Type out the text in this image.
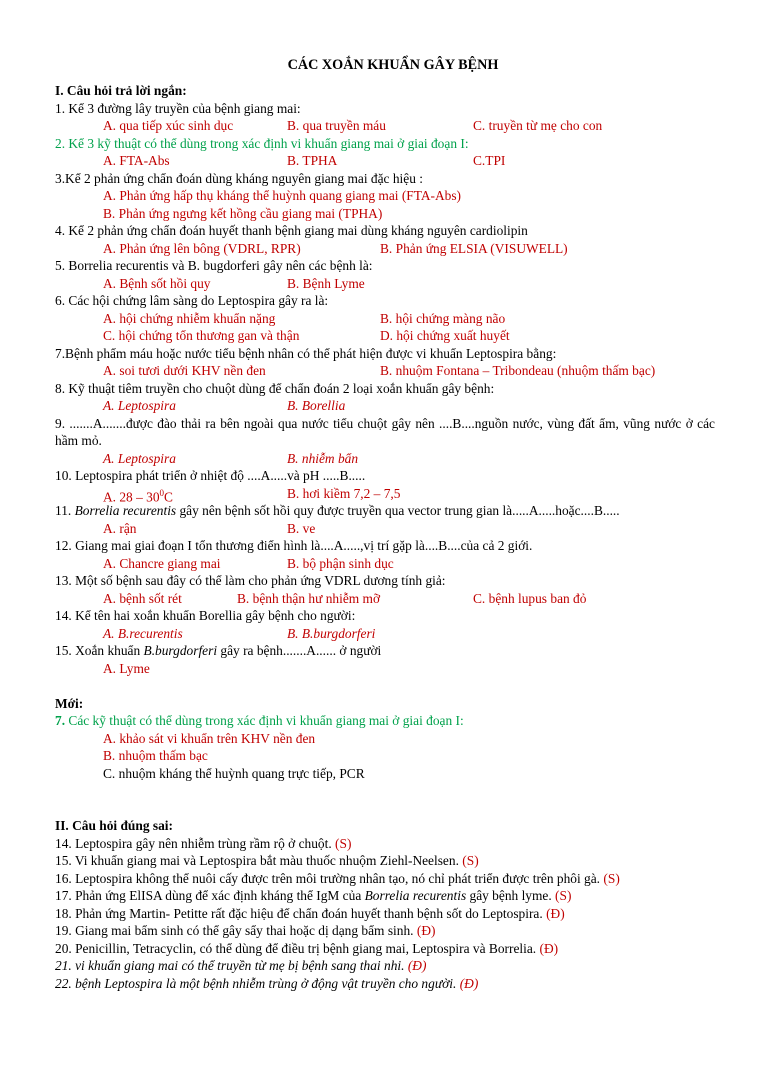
CÁC XOẮN KHUẨN GÂY BỆNH
I. Câu hỏi trả lời ngắn:
1. Kể 3 đường lây truyền của bệnh giang mai:
A. qua tiếp xúc sinh dục	B. qua truyền máu	C. truyền từ mẹ cho con
2. Kể 3 kỹ thuật có thể dùng trong xác định vi khuẩn giang mai ở giai đoạn I:
A. FTA-Abs	B. TPHA	C.TPI
3.Kể 2 phản ứng chẩn đoán dùng kháng nguyên giang mai đặc hiệu :
A. Phản ứng hấp thụ kháng thể huỳnh quang giang mai (FTA-Abs)
B. Phản ứng ngưng kết hồng cầu giang mai (TPHA)
4. Kể 2 phản ứng chẩn đoán huyết thanh bệnh giang mai dùng kháng nguyên cardiolipin
A. Phản ứng lên bông (VDRL, RPR)	B. Phản ứng ELSIA (VISUWELL)
5. Borrelia recurentis và B. bugdorferi gây nên các bệnh là:
A. Bệnh sốt hồi quy	B. Bệnh Lyme
6. Các hội chứng lâm sàng do Leptospira gây ra là:
A. hội chứng nhiễm khuẩn nặng	B. hội chứng màng não
C. hội chứng tổn thương gan và thận	D. hội chứng xuất huyết
7.Bệnh phẩm máu hoặc nước tiểu bệnh nhân có thể phát hiện được vi khuẩn Leptospira bằng:
A. soi tươi dưới KHV nền đen	B. nhuộm Fontana – Tribondeau (nhuộm thấm bạc)
8. Kỹ thuật tiêm truyền cho chuột dùng để chẩn đoán 2 loại xoắn khuẩn gây bệnh:
A. Leptospira	B. Borellia
9. .......A.......được đào thải ra bên ngoài qua nước tiểu chuột gây nên ....B....nguồn nước, vùng đất ẩm, vũng nước ở các hầm mỏ.
A. Leptospira	B. nhiễm bẩn
10. Leptospira phát triển ở nhiệt độ ....A.....và pH .....B.....
A. $28 - 30^0C$	B. hơi kiềm 7,2 – 7,5
11. Borrelia recurentis gây nên bệnh sốt hồi quy được truyền qua vector trung gian là.....A.....hoặc....B.....
A. rận	B. ve
12. Giang mai giai đoạn I tổn thương điển hình là....A.....,vị trí gặp là....B....của cả 2 giới.
A. Chancre giang mai	B. bộ phận sinh dục
13. Một số bệnh sau đây có thể làm cho phản ứng VDRL dương tính giả:
A. bệnh sốt rét	B. bệnh thận hư nhiễm mỡ	C. bệnh lupus ban đỏ
14. Kể tên hai xoắn khuẩn Borellia gây bệnh cho người:
A. B.recurentis	B. B.burgdorferi
15. Xoắn khuẩn B.burgdorferi gây ra bệnh.......A...... ở người
A. Lyme
Mới:
7. Các kỹ thuật có thể dùng trong xác định vi khuẩn giang mai ở giai đoạn I:
A. khảo sát vi khuẩn trên KHV nền đen
B. nhuộm thấm bạc
C. nhuộm kháng thể huỳnh quang trực tiếp, PCR
II. Câu hỏi đúng sai:
14. Leptospira gây nên nhiễm trùng rầm rộ ở chuột. (S)
15. Vi khuẩn giang mai và Leptospira bắt màu thuốc nhuộm Ziehl-Neelsen. (S)
16. Leptospira không thể nuôi cấy được trên môi trường nhân tạo, nó chỉ phát triển được trên phôi gà. (S)
17. Phản ứng ElISA dùng để xác định kháng thể IgM của Borrelia recurentis gây bệnh lyme. (S)
18. Phản ứng Martin- Petitte rất đặc hiệu để chẩn đoán huyết thanh bệnh sốt do Leptospira. (Đ)
19. Giang mai bẩm sinh có thể gây sẩy thai hoặc dị dạng bẩm sinh. (Đ)
20. Penicillin, Tetracyclin, có thể dùng để điều trị bệnh giang mai, Leptospira và Borrelia. (Đ)
21. vi khuẩn giang mai có thể truyền từ mẹ bị bệnh sang thai nhi. (Đ)
22. bệnh Leptospira là một bệnh nhiễm trùng ở động vật truyền cho người. (Đ)
